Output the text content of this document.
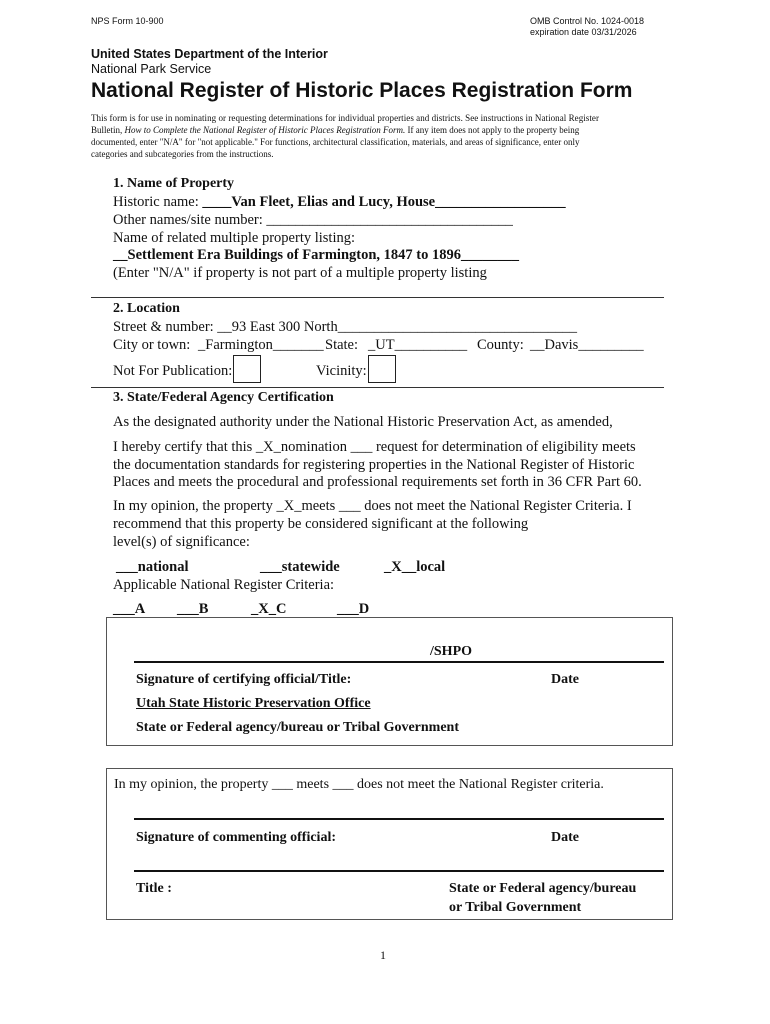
NPS Form 10-900	OMB Control No. 1024-0018
expiration date 03/31/2026
United States Department of the Interior
National Park Service
National Register of Historic Places Registration Form
This form is for use in nominating or requesting determinations for individual properties and districts. See instructions in National Register
Bulletin, How to Complete the National Register of Historic Places Registration Form. If any item does not apply to the property being
documented, enter "N/A" for "not applicable." For functions, architectural classification, materials, and areas of significance, enter only
categories and subcategories from the instructions.
1. Name of Property
Historic name: ____Van Fleet, Elias and Lucy, House__________________
Other names/site number: __________________________________
Name of related multiple property listing:
__Settlement Era Buildings of Farmington, 1847 to 1896________
(Enter "N/A" if property is not part of a multiple property listing
2. Location
Street & number: __93 East 300 North_________________________________
City or town: _Farmington_______ State: _UT__________ County: __Davis_________
Not For Publication:	Vicinity:
3. State/Federal Agency Certification
As the designated authority under the National Historic Preservation Act, as amended,
I hereby certify that this _X_nomination ___ request for determination of eligibility meets
the documentation standards for registering properties in the National Register of Historic
Places and meets the procedural and professional requirements set forth in 36 CFR Part 60.
In my opinion, the property _X_meets ___ does not meet the National Register Criteria. I
recommend that this property be considered significant at the following
level(s) of significance:
___national	___statewide	_X__local
Applicable National Register Criteria:
___A ___B	_X_C	___D
/SHPO
Signature of certifying official/Title:	Date
Utah State Historic Preservation Office
State or Federal agency/bureau or Tribal Government
In my opinion, the property ___ meets ___ does not meet the National Register criteria.
Signature of commenting official:	Date
Title :	State or Federal agency/bureau
or Tribal Government
1
